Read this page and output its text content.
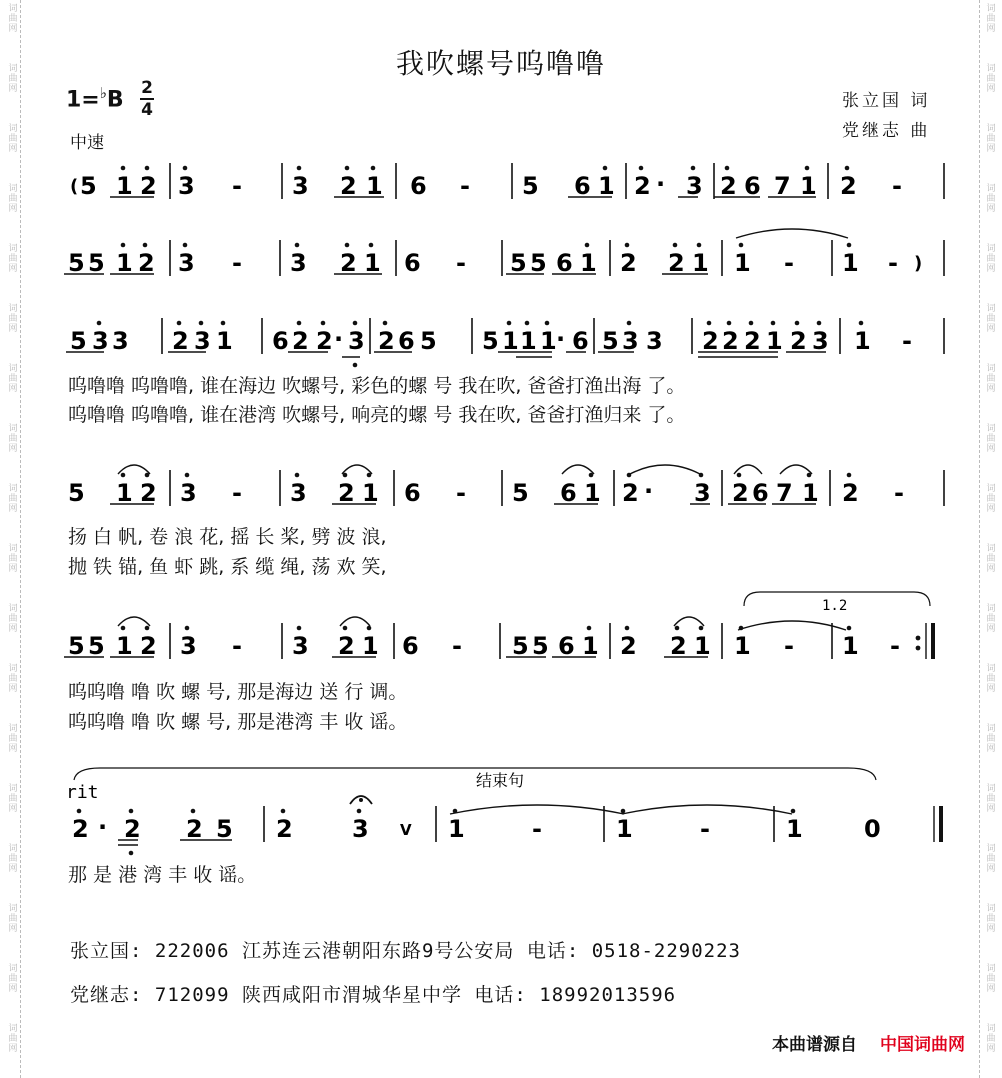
词曲网
词曲网
词曲网
词曲网
词曲网
词曲网
词曲网
词曲网
词曲网
词曲网
词曲网
词曲网
词曲网
词曲网
词曲网
词曲网
词曲网
词曲网
词曲网
词曲网
词曲网
词曲网
词曲网
词曲网
词曲网
词曲网
词曲网
词曲网
词曲网
词曲网
词曲网
词曲网
词曲网
词曲网
词曲网
词曲网
我吹螺号呜噜噜
1=♭B 2
4
中速
张立国 词
党继志 曲
rit
结束句
1.2
( 5 1 2 3 - 3 2 1 6 - 5 6 1 2 · 3 2 6 7 1 2 -
5 5 1 2 3 - 3 2 1 6 - 5 5 6 1 2 2 1 1 - 1 - )
5 3 3 2 3 1 6 2 2 · 3 2 6 5 5 1 1 1 · 6 5 3 3 2 2 2 1 2 3 1 -
5 1 2 3 - 3 2 1 6 - 5 6 1 2 · 3 2 6 7 1 2 -
5 5 1 2 3 - 3 2 1 6 - 5 5 6 1 2 2 1 1 - 1 -
2 · 2 2 5 2 3 V 1	-	1	-	1	0
呜噜噜 呜噜噜, 谁在海边 吹螺号, 彩色的螺 号 我在吹, 爸爸打渔出海 了。
呜噜噜 呜噜噜, 谁在港湾 吹螺号, 响亮的螺 号 我在吹, 爸爸打渔归来 了。
扬 白 帆, 卷 浪 花, 摇 长 桨, 劈 波 浪,
抛 铁 锚, 鱼 虾 跳, 系 缆 绳, 荡 欢 笑,
呜呜噜 噜 吹 螺 号, 那是海边 送 行 调。
呜呜噜 噜 吹 螺 号, 那是港湾 丰 收 谣。
那 是 港 湾 丰 收 谣。
张立国: 222006 江苏连云港朝阳东路9号公安局 电话: 0518-2290223
党继志: 712099 陕西咸阳市渭城华星中学 电话: 18992013596
本曲谱源自 中国词曲网
